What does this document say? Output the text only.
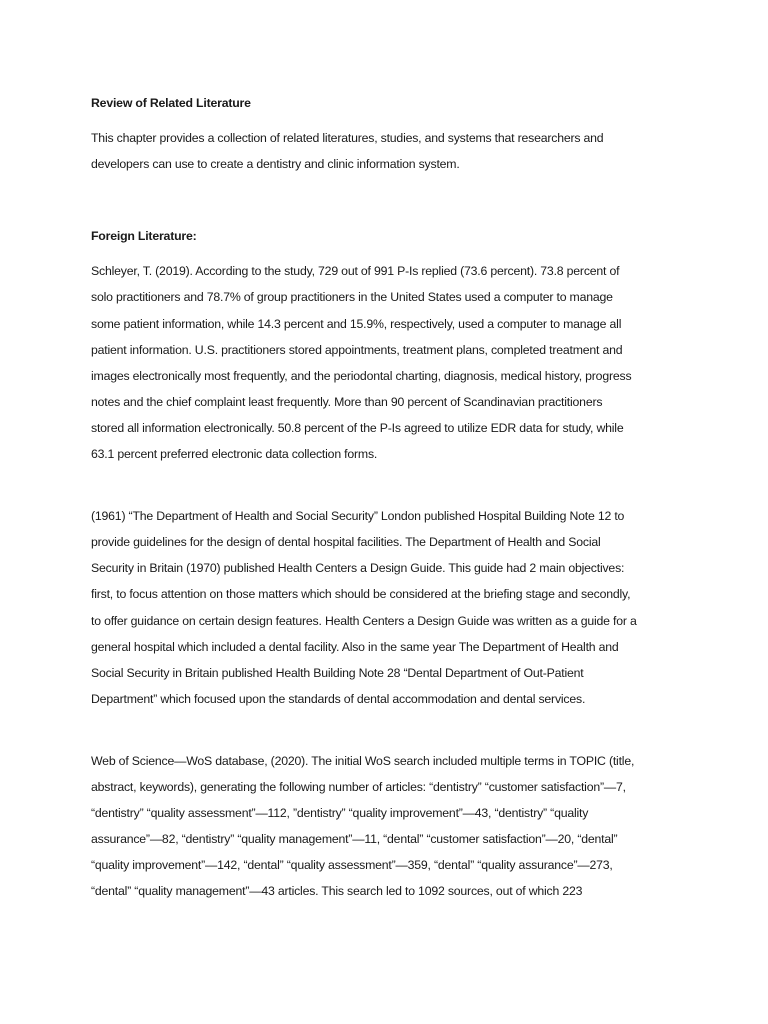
Review of Related Literature
This chapter provides a collection of related literatures, studies, and systems that researchers and
developers can use to create a dentistry and clinic information system.
Foreign Literature:
Schleyer, T. (2019). According to the study, 729 out of 991 P-Is replied (73.6 percent). 73.8 percent of
solo practitioners and 78.7% of group practitioners in the United States used a computer to manage
some patient information, while 14.3 percent and 15.9%, respectively, used a computer to manage all
patient information. U.S. practitioners stored appointments, treatment plans, completed treatment and
images electronically most frequently, and the periodontal charting, diagnosis, medical history, progress
notes and the chief complaint least frequently. More than 90 percent of Scandinavian practitioners
stored all information electronically. 50.8 percent of the P-Is agreed to utilize EDR data for study, while
63.1 percent preferred electronic data collection forms.
(1961) “The Department of Health and Social Security” London published Hospital Building Note 12 to
provide guidelines for the design of dental hospital facilities. The Department of Health and Social
Security in Britain (1970) published Health Centers a Design Guide. This guide had 2 main objectives:
first, to focus attention on those matters which should be considered at the briefing stage and secondly,
to offer guidance on certain design features. Health Centers a Design Guide was written as a guide for a
general hospital which included a dental facility. Also in the same year The Department of Health and
Social Security in Britain published Health Building Note 28 “Dental Department of Out-Patient
Department” which focused upon the standards of dental accommodation and dental services.
Web of Science—WoS database, (2020). The initial WoS search included multiple terms in TOPIC (title,
abstract, keywords), generating the following number of articles: “dentistry” “customer satisfaction”—7,
“dentistry” “quality assessment”—112, ”dentistry” “quality improvement”—43, “dentistry” “quality
assurance”—82, “dentistry” “quality management”—11, “dental” “customer satisfaction”—20, “dental”
“quality improvement”—142, “dental” “quality assessment”—359, “dental” “quality assurance”—273,
“dental” “quality management”—43 articles. This search led to 1092 sources, out of which 223
